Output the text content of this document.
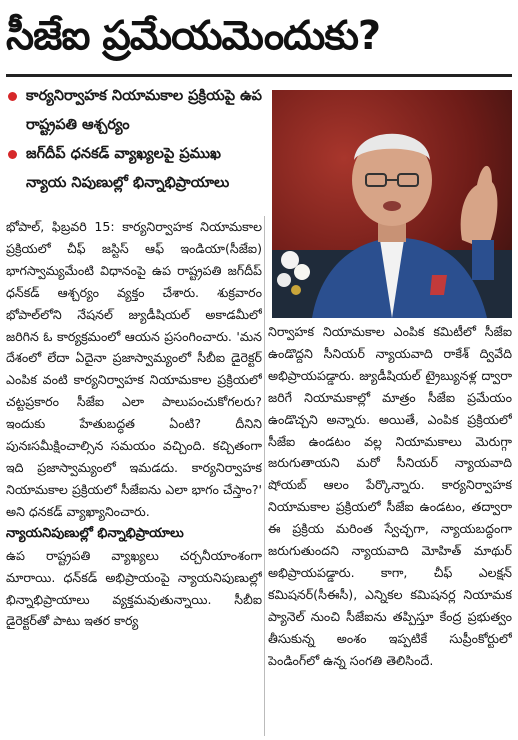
సీజేఐ ప్రమేయమెందుకు?
కార్యనిర్వాహక నియామకాల ప్రక్రియపై ఉప రాష్ట్రపతి ఆశ్చర్యం
జగ్‌దీప్ ధనకడ్ వ్యాఖ్యలపై ప్రముఖ న్యాయ నిపుణుల్లో భిన్నాభిప్రాయాలు

భోపాల్, ఫిబ్రవరి 15: కార్యనిర్వాహక నియామకాల ప్రక్రియలో చీఫ్ జస్టిస్ ఆఫ్ ఇండియా(సీజేఐ) భాగస్వామ్యమేంటి విధానంపై ఉప రాష్ట్రపతి జగ్‌దీప్ ధన్‌కడ్ ఆశ్చర్యం వ్యక్తం చేశారు. శుక్రవారం భోపాల్‌లోని నేషనల్ జ్యుడీషియల్ అకాడమీలో జరిగిన ఓ కార్యక్రమంలో ఆయన ప్రసంగించారు. 'మన దేశంలో లేదా ఏదైనా ప్రజాస్వామ్యంలో సీబీఐ డైరెక్టర్ ఎంపిక వంటి కార్యనిర్వాహక నియామకాల ప్రక్రియలో చట్టప్రకారం సీజేఐ ఎలా పాలుపంచుకోగలరు? ఇందుకు హేతుబద్ధత ఏంటి? దీనిని పునఃసమీక్షించాల్సిన సమయం వచ్చింది. కచ్చితంగా ఇది ప్రజాస్వామ్యంలో ఇమడదు. కార్యనిర్వాహక నియామకాల ప్రక్రియలో సీజేఐను ఎలా భాగం చేస్తాం?' అని ధనకడ్ వ్యాఖ్యానించారు.

న్యాయనిపుణుల్లో భిన్నాభిప్రాయాలు

ఉప రాష్ట్రపతి వ్యాఖ్యలు చర్చనీయాంశంగా మారాయి. ధన్‌కడ్ అభిప్రాయంపై న్యాయనిపుణుల్లో భిన్నాభిప్రాయాలు వ్యక్తమవుతున్నాయి. సీబీఐ డైరెక్టర్‌తో పాటు ఇతర కార్య

నిర్వాహక నియామకాల ఎంపిక కమిటీలో సీజేఐ ఉండొద్దని సీనియర్ న్యాయవాది రాకేశ్ ద్వివేది అభిప్రాయపడ్డారు. జ్యుడీషియల్ ట్రైబ్యునళ్ల ద్వారా జరిగే నియామకాల్లో మాత్రం సీజేఐ ప్రమేయం ఉండొచ్చని అన్నారు. అయితే, ఎంపిక ప్రక్రియలో సీజేఐ ఉండటం వల్ల నియామకాలు మెరుగ్గా జరుగుతాయని మరో సీనియర్ న్యాయవాది షోయబ్ ఆలం పేర్కొన్నారు. కార్యనిర్వాహక నియామకాల ప్రక్రియలో సీజేఐ ఉండటం, తద్వారా ఈ ప్రక్రియ మరింత స్వేచ్ఛగా, న్యాయబద్ధంగా జరుగుతుందని న్యాయవాది మోహిత్ మాథుర్ అభిప్రాయపడ్డారు. కాగా, చీఫ్ ఎలక్షన్ కమిషనర్(సీఈసీ), ఎన్నికల కమిషనర్ల నియామక ప్యానెల్ నుంచి సీజేఐను తప్పిస్తూ కేంద్ర ప్రభుత్వం తీసుకున్న అంశం ఇప్పటికే సుప్రీంకోర్టులో పెండింగ్‌లో ఉన్న సంగతి తెలిసిందే.
